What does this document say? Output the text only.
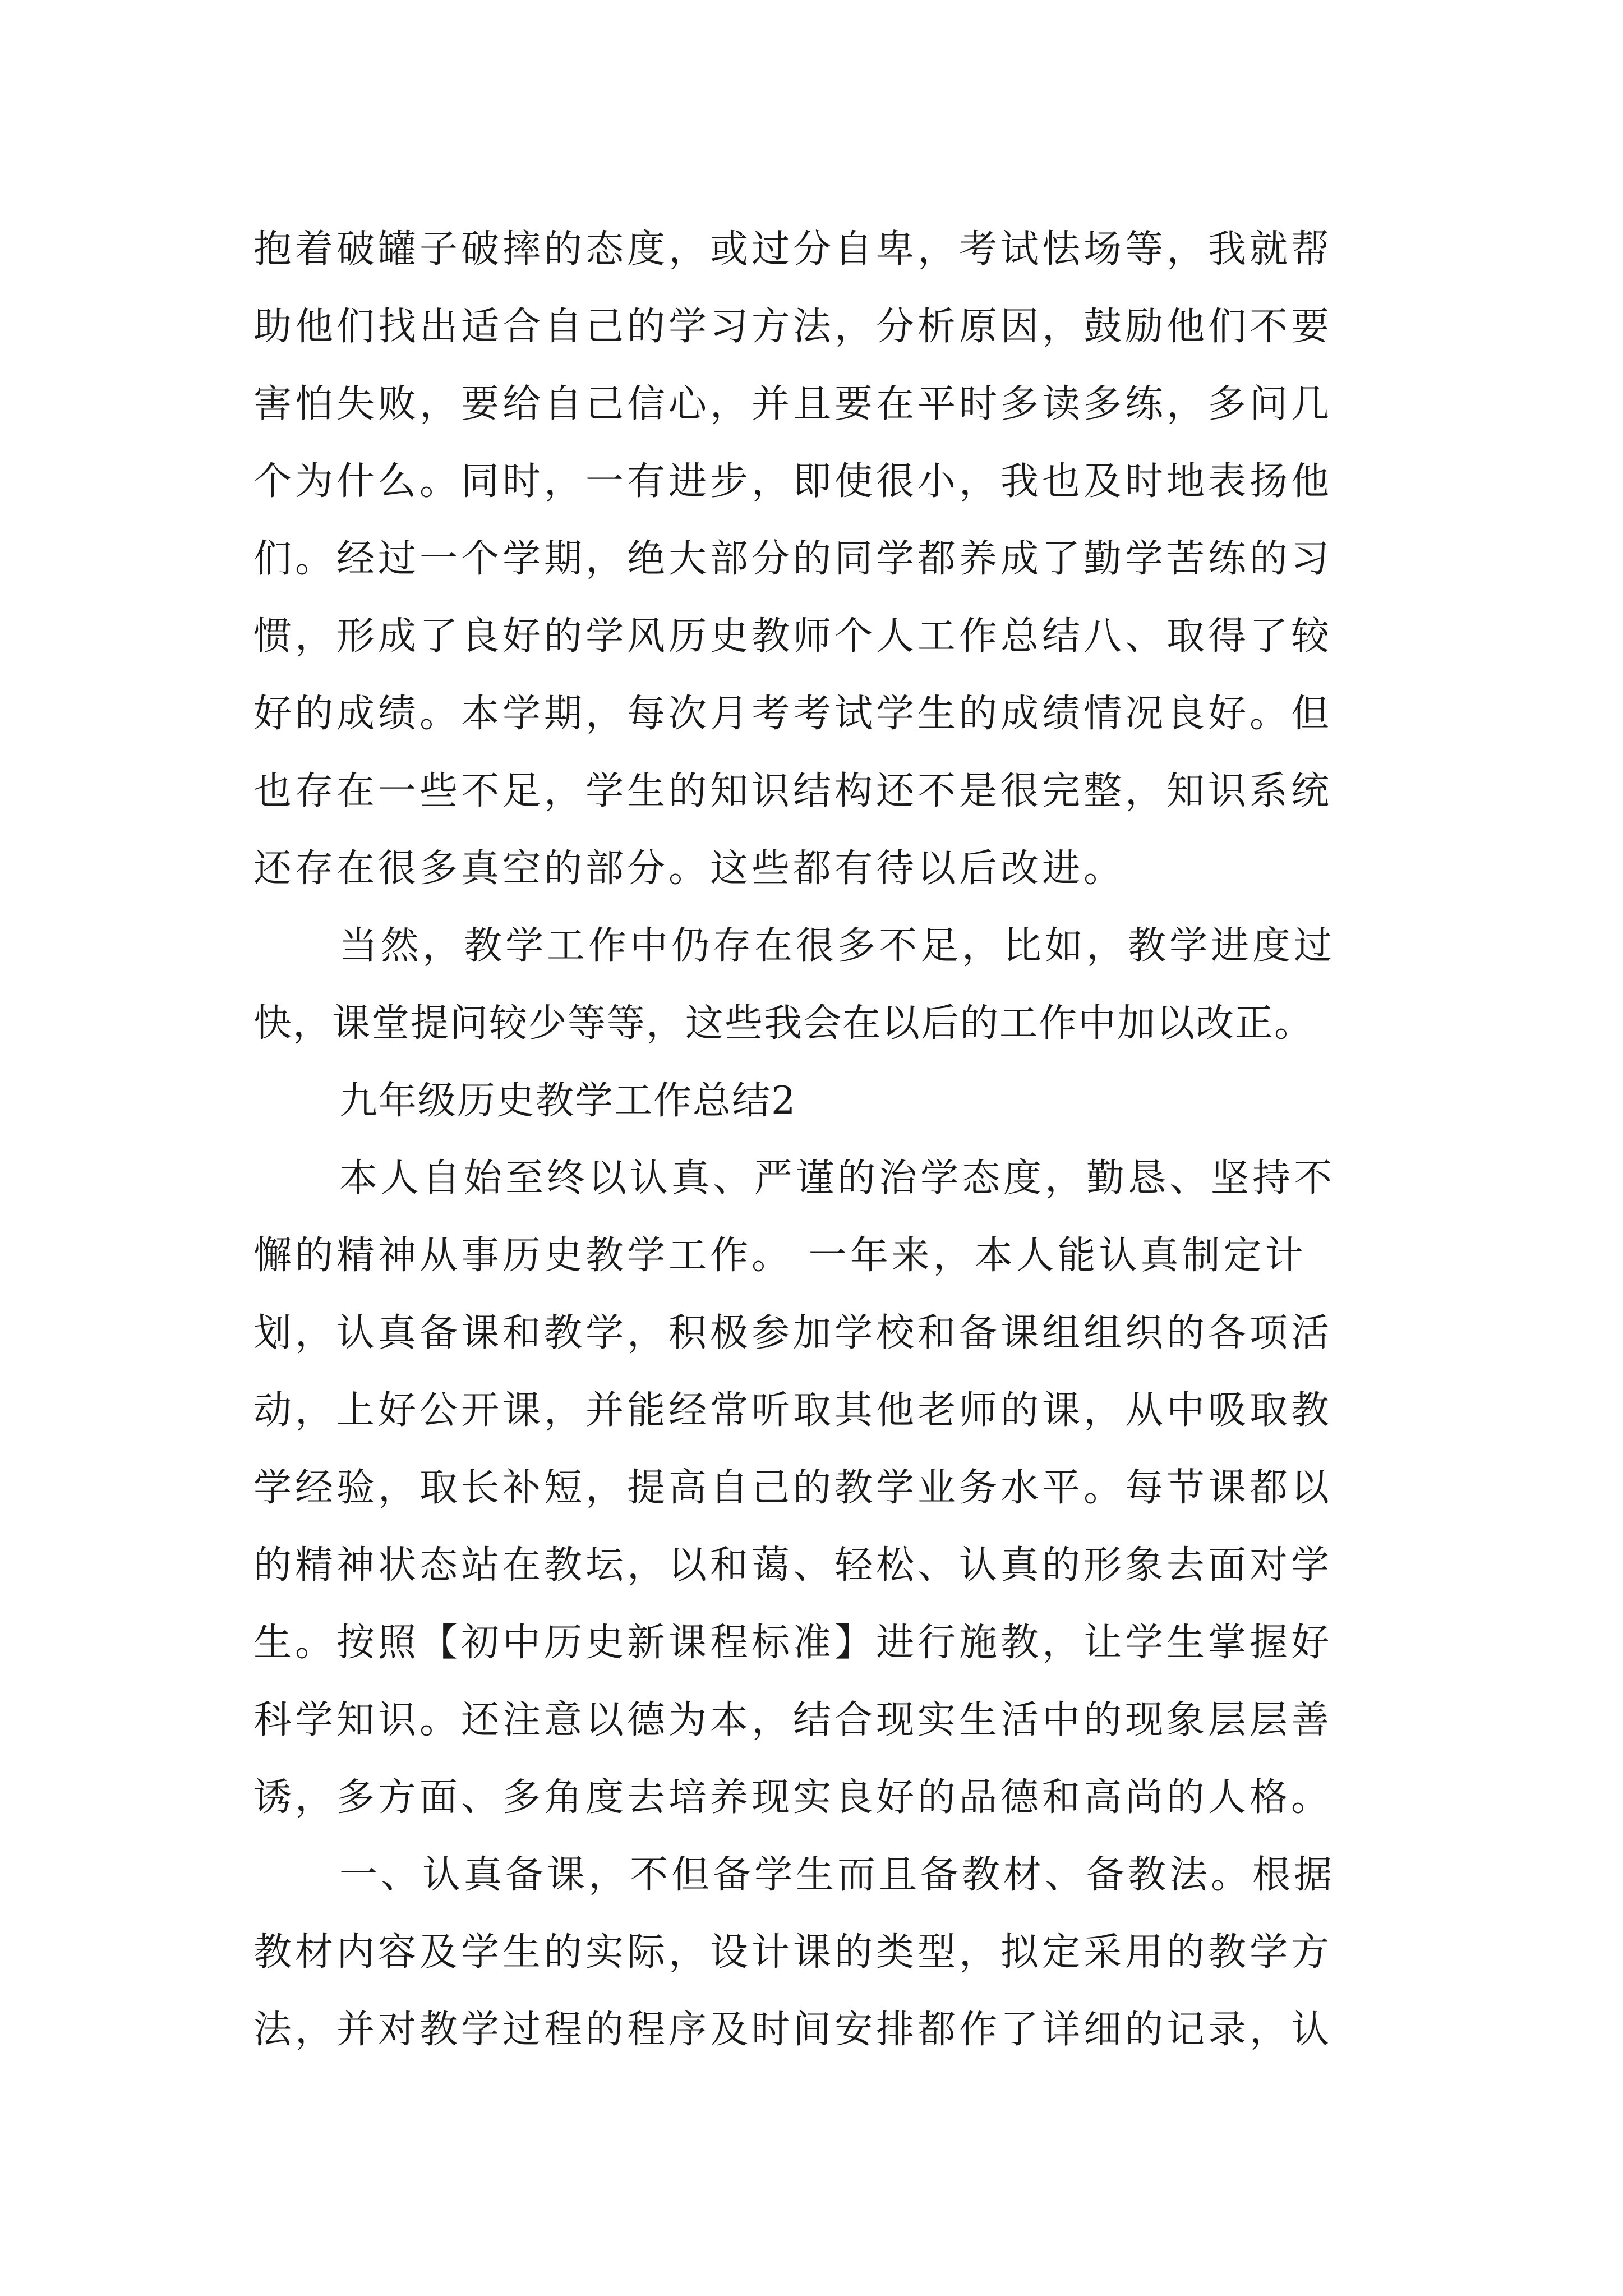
抱着破罐子破摔的态度，或过分自卑，考试怯场等，我就帮
助他们找出适合自己的学习方法，分析原因，鼓励他们不要
害怕失败，要给自己信心，并且要在平时多读多练，多问几
个为什么。同时，一有进步，即使很小，我也及时地表扬他
们。经过一个学期，绝大部分的同学都养成了勤学苦练的习
惯，形成了良好的学风历史教师个人工作总结八、取得了较
好的成绩。本学期，每次月考考试学生的成绩情况良好。但
也存在一些不足，学生的知识结构还不是很完整，知识系统
还存在很多真空的部分。这些都有待以后改进。
当然，教学工作中仍存在很多不足，比如，教学进度过
快，课堂提问较少等等，这些我会在以后的工作中加以改正。
九年级历史教学工作总结2
本人自始至终以认真、严谨的治学态度，勤恳、坚持不
懈的精神从事历史教学工作。 一年来，本人能认真制定计
划，认真备课和教学，积极参加学校和备课组组织的各项活
动，上好公开课，并能经常听取其他老师的课，从中吸取教
学经验，取长补短，提高自己的教学业务水平。每节课都以
的精神状态站在教坛，以和蔼、轻松、认真的形象去面对学
生。按照【初中历史新课程标准】进行施教，让学生掌握好
科学知识。还注意以德为本，结合现实生活中的现象层层善
诱，多方面、多角度去培养现实良好的品德和高尚的人格。
一、认真备课，不但备学生而且备教材、备教法。根据
教材内容及学生的实际，设计课的类型，拟定采用的教学方
法，并对教学过程的程序及时间安排都作了详细的记录，认
